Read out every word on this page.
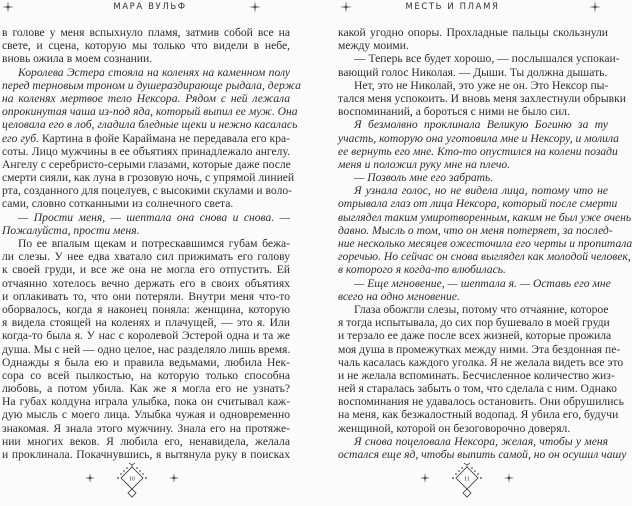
МАРА ВУЛЬФ
в голове у меня вспыхнуло пламя, затмив собой все на
свете, и сцена, которую мы только что видели в небе,
вновь ожила в моем сознании.
Королева Эстера стояла на коленях на каменном полу
перед терновым троном и душераздирающе рыдала, держа
на коленях мертвое тело Нексора. Рядом с ней лежала
опрокинутая чаша из-под яда, который выпил ее муж. Она
целовала его в лоб, гладила бледные щеки и нежно касалась
его губ. Картина в фойе Караймана не передавала его кра-
соты. Лицо мужчины в ее объятиях принадлежало ангелу.
Ангелу с серебристо-серыми глазами, которые даже после
смерти сияли, как луна в грозовую ночь, с упрямой линией
рта, созданного для поцелуев, с высокими скулами и воло-
сами, словно сотканными из солнечного света.
— Прости меня, — шептала она снова и снова. —
Пожалуйста, прости меня.
По ее впалым щекам и потрескавшимся губам бежа-
ли слезы. У нее едва хватало сил прижимать его голову
к своей груди, и все же она не могла его отпустить. Ей
отчаянно хотелось вечно держать его в своих объятиях
и оплакивать то, что они потеряли. Внутри меня что-то
оборвалось, когда я наконец поняла: женщина, которую
я видела стоящей на коленях и плачущей, — это я. Или
когда-то была я. У нас с королевой Эстерой одна и та же
душа. Мы с ней — одно целое, нас разделяло лишь время.
Однажды я была ею и правила ведьмами, любила Нек-
сора со всей пылкостью, на которую только способна
любовь, а потом убила. Как же я могла его не узнать?
На губах колдуна играла улыбка, пока он считывал каж-
дую мысль с моего лица. Улыбка чужая и одновременно
знакомая. Я знала этого мужчину. Знала его на протяже-
нии многих веков. Я любила его, ненавидела, желала
и проклинала. Покачнувшись, я вытянула руку в поисках
10
МЕСТЬ И ПЛАМЯ
какой угодно опоры. Прохладные пальцы скользнули
между моими.
— Теперь все будет хорошо, — послышался успокаи-
вающий голос Николая. — Дыши. Ты должна дышать.
Нет, это не Николай, это уже не он. Это Нексор пы-
тался меня успокоить. И вновь меня захлестнули обрывки
воспоминаний, а бороться с ними не было сил.
Я безмолвно проклинала Великую Богиню за ту
участь, которую она уготовила мне и Нексору, и молила
ее вернуть его мне. Кто-то опустился на колени позади
меня и положил руку мне на плечо.
— Позволь мне его забрать.
Я узнала голос, но не видела лица, потому что не
отрывала глаз от лица Нексора, который после смерти
выглядел таким умиротворенным, каким не был уже очень
давно. Мысль о том, что он меня потеряет, за послед-
ние несколько месяцев ожесточила его черты и пропитала
горечью. Но сейчас он снова выглядел как молодой человек,
в которого я когда-то влюбилась.
— Еще мгновение, — шептала я. — Оставь его мне
всего на одно мгновение.
Глаза обожгли слезы, потому что отчаяние, которое
я тогда испытывала, до сих пор бушевало в моей груди
и терзало ее даже после всех жизней, которые прожила
моя душа в промежутках между ними. Эта бездонная пе-
чаль касалась каждого уголка. Я не желала видеть все это
и не желала вспоминать. Бесчисленное количество жиз-
ней я старалась забыть о том, что сделала с ним. Однако
воспоминания не удавалось остановить. Они обрушились
на меня, как безжалостный водопад. Я убила его, будучи
женщиной, которой он безоговорочно доверял.
Я снова поцеловала Нексора, желая, чтобы у меня
остался еще яд, чтобы выпить самой, но он осушил чашу
11
